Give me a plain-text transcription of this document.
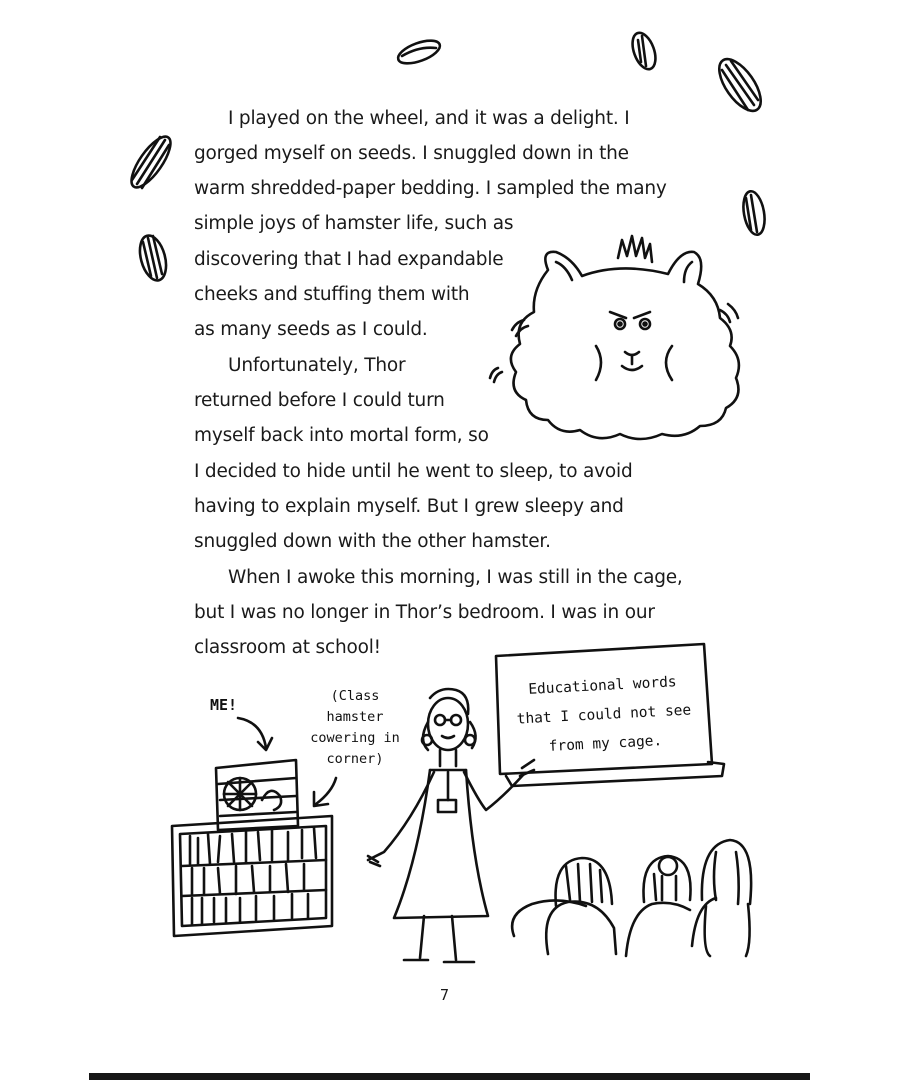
I played on the wheel, and it was a delight. I
gorged myself on seeds. I snuggled down in the
warm shredded-paper bedding. I sampled the many
simple joys of hamster life, such as
discovering that I had expandable
cheeks and stuffing them with
as many seeds as I could.
Unfortunately, Thor
returned before I could turn
myself back into mortal form, so
I decided to hide until he went to sleep, to avoid
having to explain myself. But I grew sleepy and
snuggled down with the other hamster.
When I awoke this morning, I was still in the cage,
but I was no longer in Thor’s bedroom. I was in our
classroom at school!
ME!	(Class
hamster
cowering in
corner)
Educational words
that I could not see
from my cage.
7
